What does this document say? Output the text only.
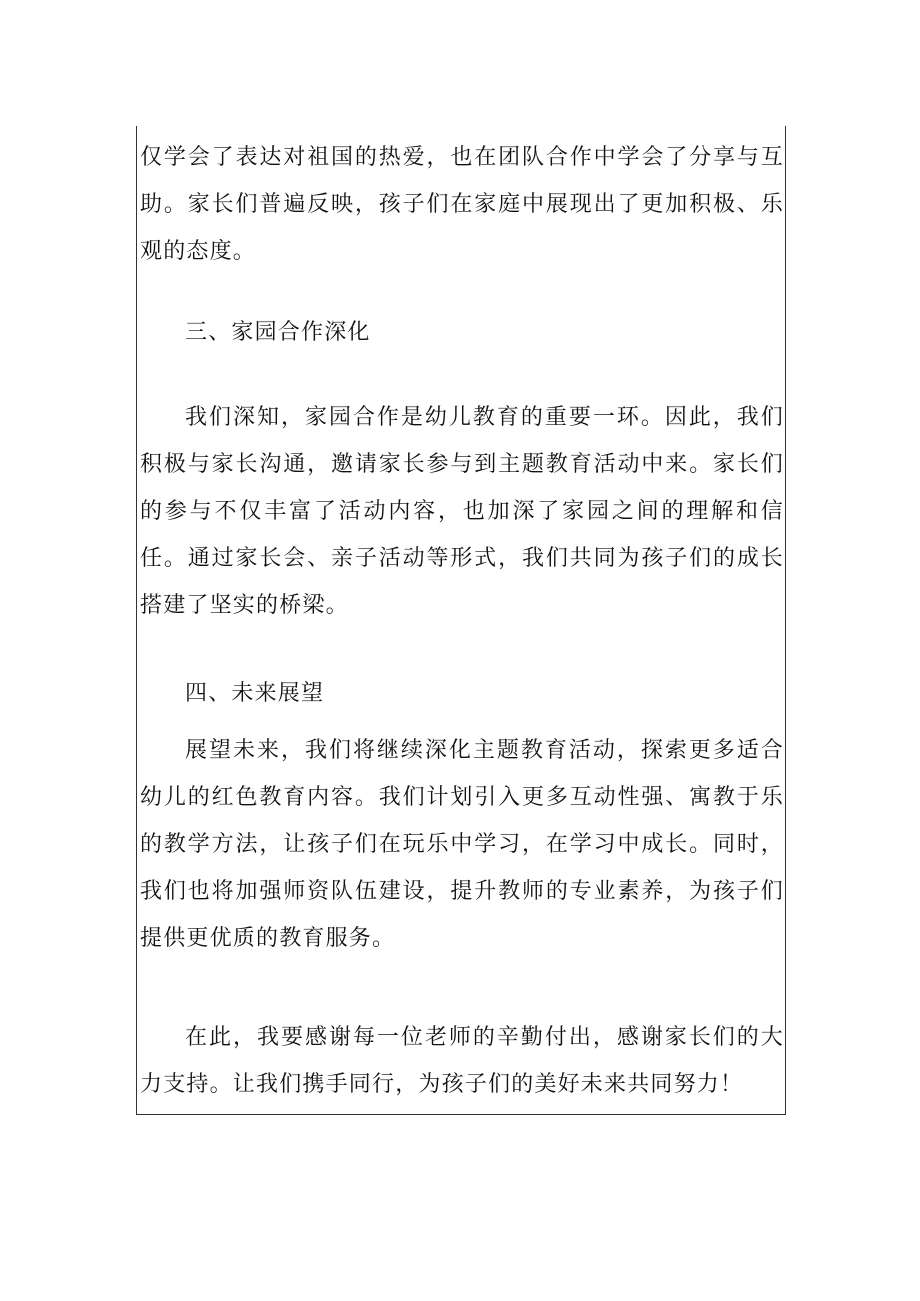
仅学会了表达对祖国的热爱，也在团队合作中学会了分享与互助。家长们普遍反映，孩子们在家庭中展现出了更加积极、乐观的态度。
三、家园合作深化
我们深知，家园合作是幼儿教育的重要一环。因此，我们积极与家长沟通，邀请家长参与到主题教育活动中来。家长们的参与不仅丰富了活动内容，也加深了家园之间的理解和信任。通过家长会、亲子活动等形式，我们共同为孩子们的成长搭建了坚实的桥梁。
四、未来展望
展望未来，我们将继续深化主题教育活动，探索更多适合幼儿的红色教育内容。我们计划引入更多互动性强、寓教于乐的教学方法，让孩子们在玩乐中学习，在学习中成长。同时，我们也将加强师资队伍建设，提升教师的专业素养，为孩子们提供更优质的教育服务。
在此，我要感谢每一位老师的辛勤付出，感谢家长们的大力支持。让我们携手同行，为孩子们的美好未来共同努力！
